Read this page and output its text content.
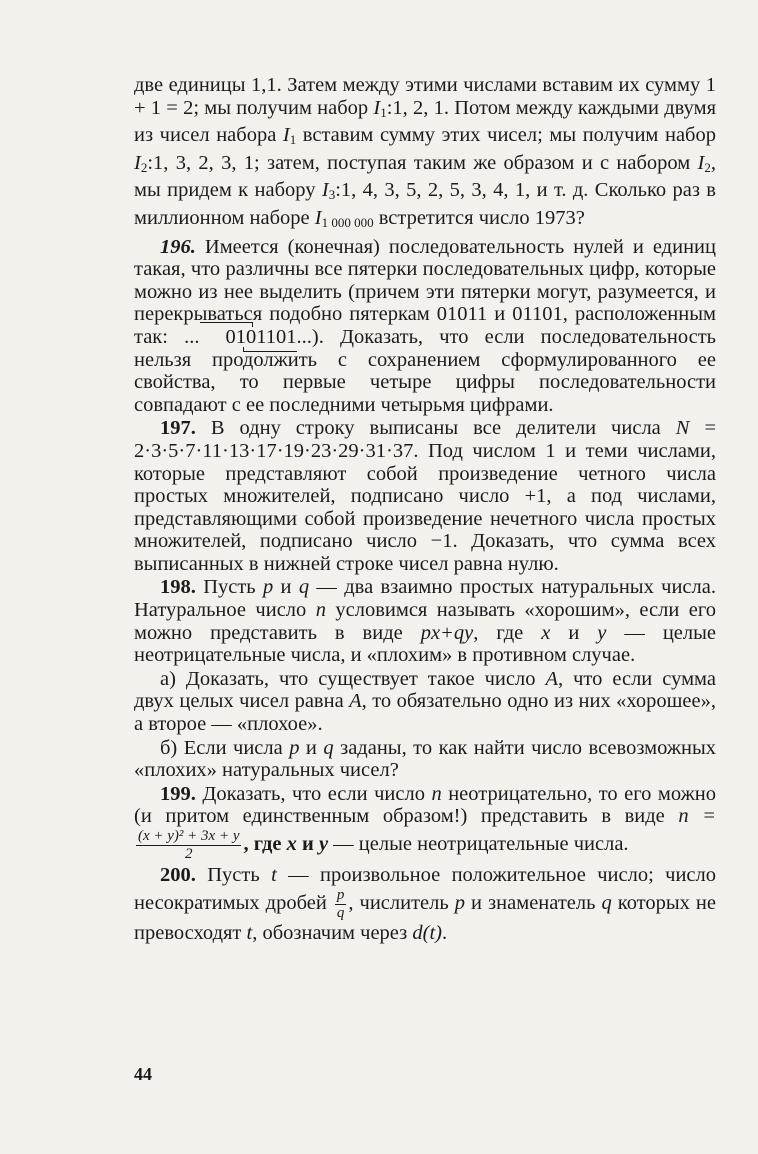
две единицы 1,1. Затем между этими числами вставим их сумму 1 + 1 = 2; мы получим набор $I_1:1$, 2, 1. Потом между каждыми двумя из чисел набора $I_1$ вставим сумму этих чисел; мы получим набор $I_2:1$, 3, 2, 3, 1; затем, поступая таким же образом и с набором $I_2$, мы придем к набору $I_3:1$, 4, 3, 5, 2, 5, 3, 4, 1, и т. д. Сколько раз в миллионном наборе $I_{1 000 000}$ встретится число 1973?

196. Имеется (конечная) последовательность нулей и единиц такая, что различны все пятерки последовательных цифр, которые можно из нее выделить (причем эти пятерки могут, разумеется, и перекрываться подобно пятеркам 01011 и 01101, расположенным так: ... 0101101...). Доказать, что если последовательность нельзя продолжить с сохранением сформулированного ее свойства, то первые четыре цифры последовательности совпадают с ее последними четырьмя цифрами.

197. В одну строку выписаны все делители числа N = 2·3·5·7·11·13·17·19·23·29·31·37. Под числом 1 и теми числами, которые представляют собой произведение четного числа простых множителей, подписано число +1, а под числами, представляющими собой произведение нечетного числа простых множителей, подписано число −1. Доказать, что сумма всех выписанных в нижней строке чисел равна нулю.

198. Пусть p и q — два взаимно простых натуральных числа. Натуральное число n условимся называть «хорошим», если его можно представить в виде px+qy, где x и y — целые неотрицательные числа, и «плохим» в противном случае.

а) Доказать, что существует такое число A, что если сумма двух целых чисел равна A, то обязательно одно из них «хорошее», а второе — «плохое».

б) Если числа p и q заданы, то как найти число всевозможных «плохих» натуральных чисел?

199. Доказать, что если число n неотрицательно, то его можно (и притом единственным образом!) представить в виде n =
$\frac{\text{(x + y)² + 3x + y}}{2}$ , где x и y — целые неотрицательные числа.

200. Пусть t — произвольное положительное число; число несократимых дробей $\frac{p}{q}$ , числитель p и знаменатель q которых не превосходят t, обозначим через d(t).

44
